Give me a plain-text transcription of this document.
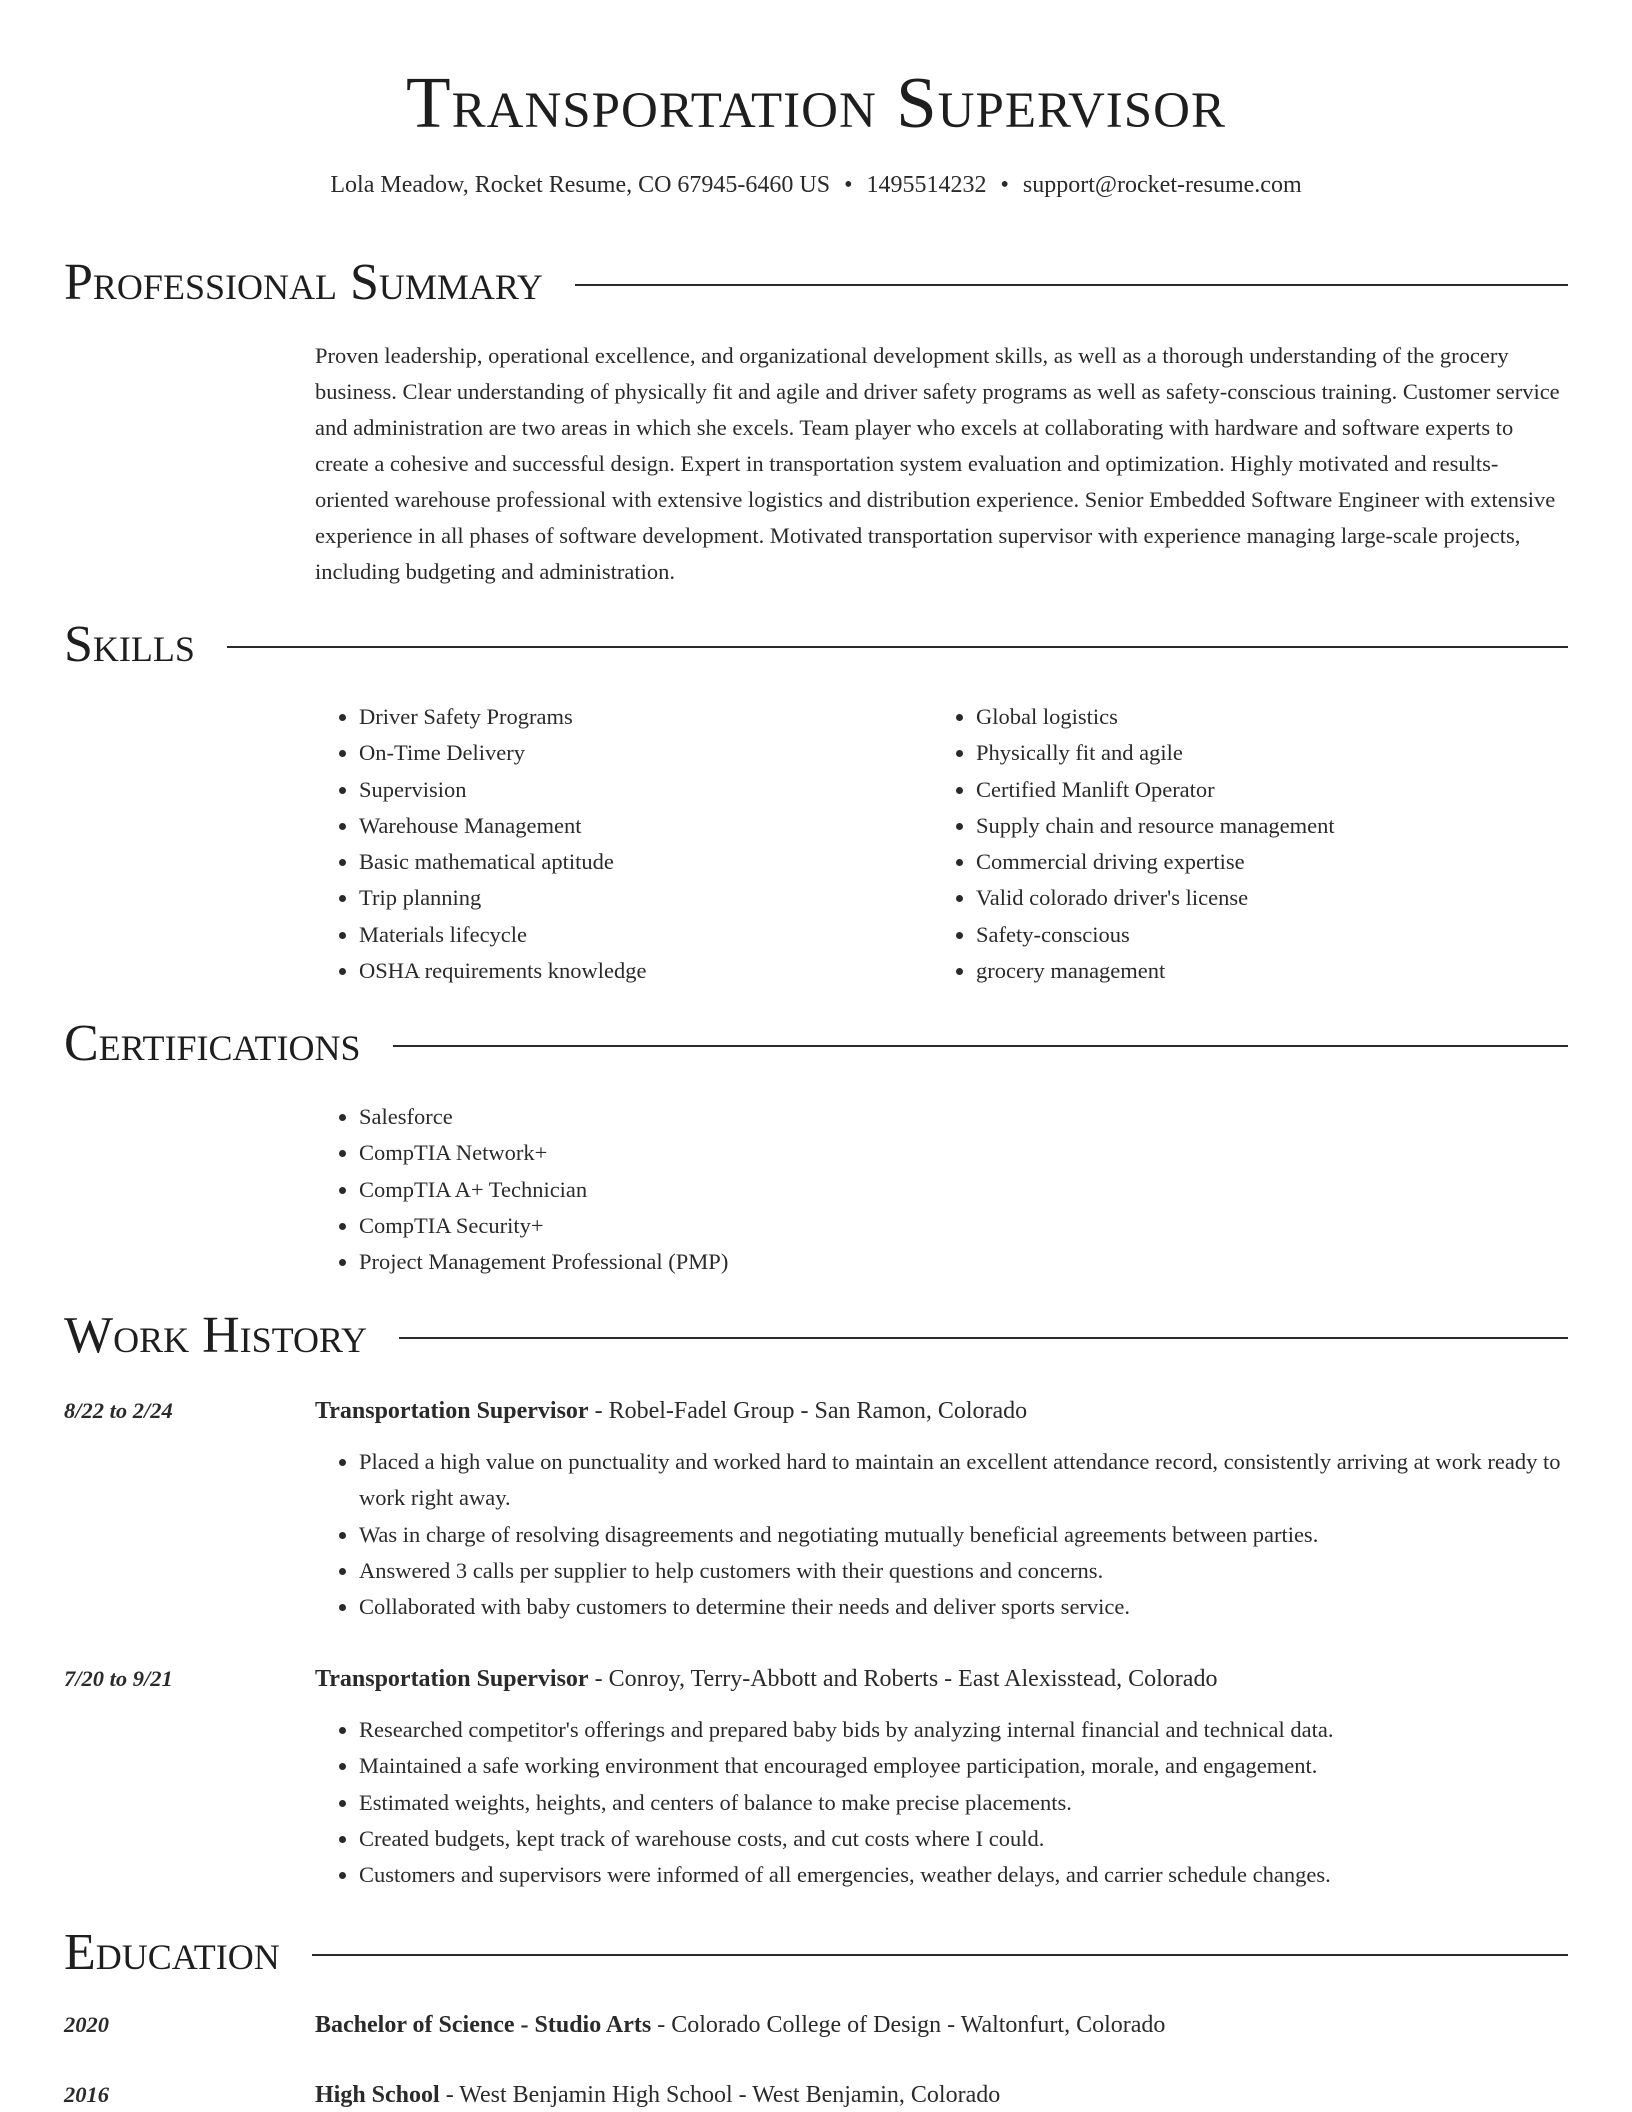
Transportation Supervisor
Lola Meadow, Rocket Resume, CO 67945-6460 US • 1495514232 • support@rocket-resume.com
Professional Summary
Proven leadership, operational excellence, and organizational development skills, as well as a thorough understanding of the grocery business. Clear understanding of physically fit and agile and driver safety programs as well as safety-conscious training. Customer service and administration are two areas in which she excels. Team player who excels at collaborating with hardware and software experts to create a cohesive and successful design. Expert in transportation system evaluation and optimization. Highly motivated and results-oriented warehouse professional with extensive logistics and distribution experience. Senior Embedded Software Engineer with extensive experience in all phases of software development. Motivated transportation supervisor with experience managing large-scale projects, including budgeting and administration.
Skills
• Driver Safety Programs
• On-Time Delivery
• Supervision
• Warehouse Management
• Basic mathematical aptitude
• Trip planning
• Materials lifecycle
• OSHA requirements knowledge
• Global logistics
• Physically fit and agile
• Certified Manlift Operator
• Supply chain and resource management
• Commercial driving expertise
• Valid colorado driver's license
• Safety-conscious
• grocery management
Certifications
• Salesforce
• CompTIA Network+
• CompTIA A+ Technician
• CompTIA Security+
• Project Management Professional (PMP)
Work History
8/22 to 2/24	Transportation Supervisor - Robel-Fadel Group - San Ramon, Colorado
• Placed a high value on punctuality and worked hard to maintain an excellent attendance record, consistently arriving at work ready to work right away.
• Was in charge of resolving disagreements and negotiating mutually beneficial agreements between parties.
• Answered 3 calls per supplier to help customers with their questions and concerns.
• Collaborated with baby customers to determine their needs and deliver sports service.
7/20 to 9/21	Transportation Supervisor - Conroy, Terry-Abbott and Roberts - East Alexisstead, Colorado
• Researched competitor's offerings and prepared baby bids by analyzing internal financial and technical data.
• Maintained a safe working environment that encouraged employee participation, morale, and engagement.
• Estimated weights, heights, and centers of balance to make precise placements.
• Created budgets, kept track of warehouse costs, and cut costs where I could.
• Customers and supervisors were informed of all emergencies, weather delays, and carrier schedule changes.
Education
2020	Bachelor of Science - Studio Arts - Colorado College of Design - Waltonfurt, Colorado
2016	High School - West Benjamin High School - West Benjamin, Colorado
